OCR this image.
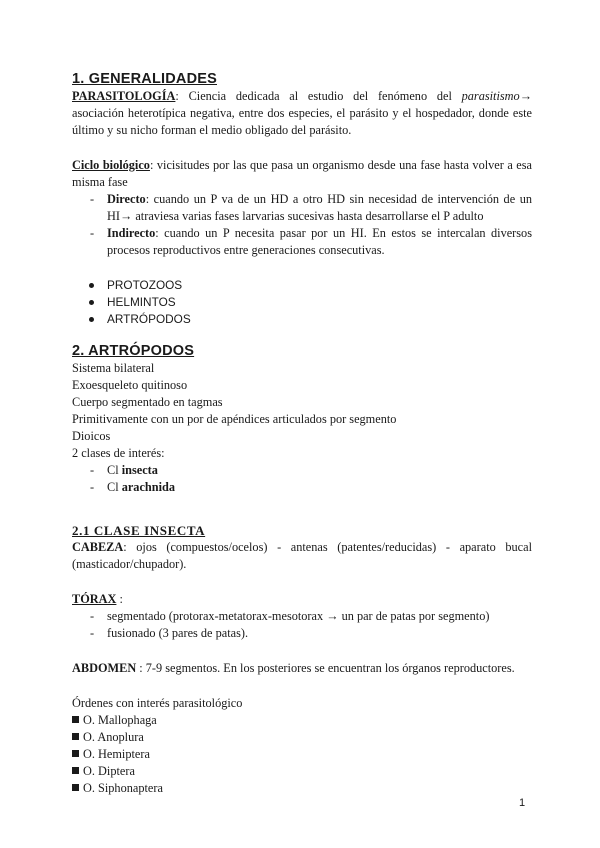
1. GENERALIDADES

PARASITOLOGÍA: Ciencia dedicada al estudio del fenómeno del parasitismo→ asociación heterotípica negativa, entre dos especies, el parásito y el hospedador, donde este último y su nicho forman el medio obligado del parásito.

Ciclo biológico: vicisitudes por las que pasa un organismo desde una fase hasta volver a esa misma fase

- Directo: cuando un P va de un HD a otro HD sin necesidad de intervención de un HI→ atraviesa varias fases larvarias sucesivas hasta desarrollarse el P adulto
- Indirecto: cuando un P necesita pasar por un HI. En estos se intercalan diversos procesos reproductivos entre generaciones consecutivas.
PROTOZOOS
HELMINTOS
ARTRÓPODOS
2. ARTRÓPODOS

Sistema bilateral

Exoesqueleto quitinoso

Cuerpo segmentado en tagmas

Primitivamente con un por de apéndices articulados por segmento

Dioicos

2 clases de interés:

- Cl insecta
- Cl arachnida
2.1 CLASE INSECTA

CABEZA: ojos (compuestos/ocelos) - antenas (patentes/reducidas) - aparato bucal (masticador/chupador).

TÓRAX :

- segmentado (protorax-metatorax-mesotorax → un par de patas por segmento)
- fusionado (3 pares de patas).

ABDOMEN : 7-9 segmentos. En los posteriores se encuentran los órganos reproductores.

Órdenes con interés parasitológico

O. Mallophaga
O. Anoplura
O. Hemiptera
O. Diptera
O. Siphonaptera
1
